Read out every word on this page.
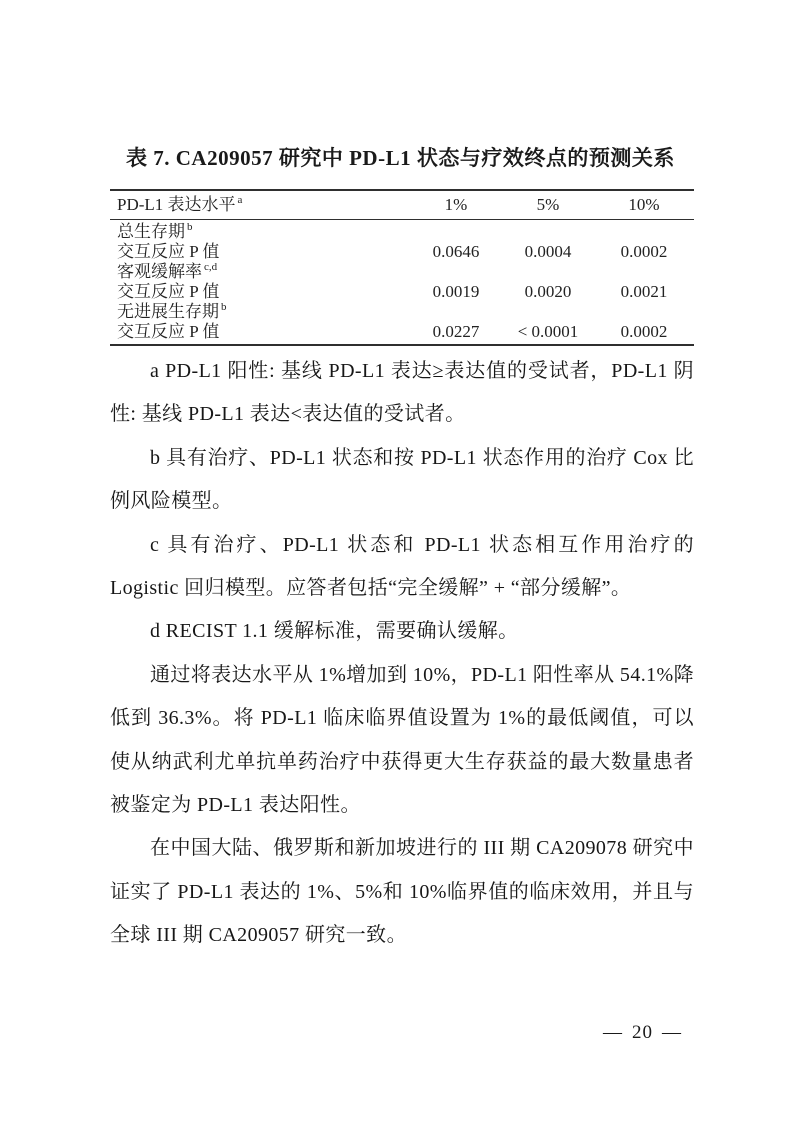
表 7. CA209057 研究中 PD-L1 状态与疗效终点的预测关系
PD-L1 表达水平 $^a$	1%	5%	10%
总生存期 $^b$			
交互反应 P 值	0.0646	0.0004	0.0002
客观缓解率 $^{c,d}$			
交互反应 P 值	0.0019	0.0020	0.0021
无进展生存期 $^b$			
交互反应 P 值	0.0227	< 0.0001	0.0002

a PD-L1 阳性: 基线 PD-L1 表达≥表达值的受试者，PD-L1 阴性: 基线 PD-L1 表达<表达值的受试者。

b 具有治疗、PD-L1 状态和按 PD-L1 状态作用的治疗 Cox 比例风险模型。

c 具有治疗、PD-L1 状态和 PD-L1 状态相互作用治疗的 Logistic 回归模型。应答者包括“完全缓解” + “部分缓解”。

d RECIST 1.1 缓解标准，需要确认缓解。

通过将表达水平从 1%增加到 10%，PD-L1 阳性率从 54.1%降低到 36.3%。将 PD-L1 临床临界值设置为 1%的最低阈值，可以使从纳武利尤单抗单药治疗中获得更大生存获益的最大数量患者被鉴定为 PD-L1 表达阳性。

在中国大陆、俄罗斯和新加坡进行的 III 期 CA209078 研究中证实了 PD-L1 表达的 1%、5%和 10%临界值的临床效用，并且与全球 III 期 CA209057 研究一致。

— 20 —
